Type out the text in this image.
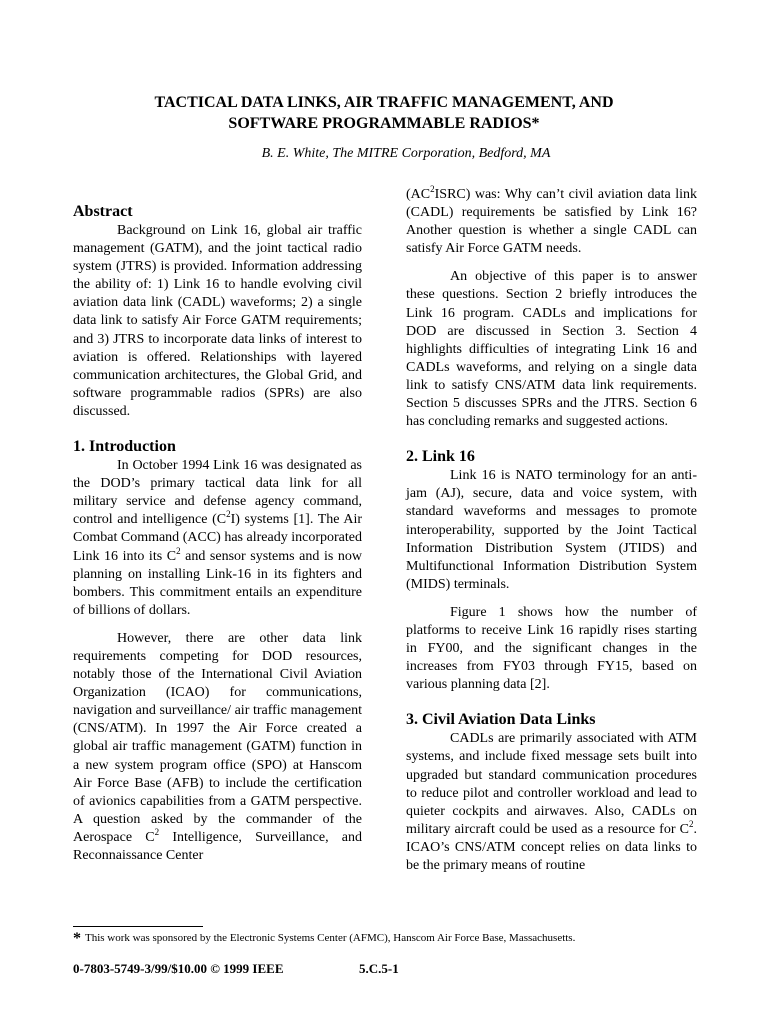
TACTICAL DATA LINKS, AIR TRAFFIC MANAGEMENT, AND
SOFTWARE PROGRAMMABLE RADIOS*
B. E. White, The MITRE Corporation, Bedford, MA
Abstract

Background on Link 16, global air traffic management (GATM), and the joint tactical radio system (JTRS) is provided. Information addressing the ability of: 1) Link 16 to handle evolving civil aviation data link (CADL) waveforms; 2) a single data link to satisfy Air Force GATM requirements; and 3) JTRS to incorporate data links of interest to aviation is offered. Relationships with layered communication architectures, the Global Grid, and software programmable radios (SPRs) are also discussed.

1. Introduction

In October 1994 Link 16 was designated as the DOD’s primary tactical data link for all military service and defense agency command, control and intelligence $(C^2I)$ systems [1]. The Air Combat Command (ACC) has already incorporated Link 16 into its $C^2$ and sensor systems and is now planning on installing Link-16 in its fighters and bombers. This commitment entails an expenditure of billions of dollars.

However, there are other data link requirements competing for DOD resources, notably those of the International Civil Aviation Organization (ICAO) for communications, navigation and surveillance/ air traffic management (CNS/ATM). In 1997 the Air Force created a global air traffic management (GATM) function in a new system program office (SPO) at Hanscom Air Force Base (AFB) to include the certification of avionics capabilities from a GATM perspective. A question asked by the commander of the Aerospace $C^2$ Intelligence, Surveillance, and Reconnaissance Center

$(AC^2ISRC)$ was: Why can’t civil aviation data link (CADL) requirements be satisfied by Link 16? Another question is whether a single CADL can satisfy Air Force GATM needs.

An objective of this paper is to answer these questions. Section 2 briefly introduces the Link 16 program. CADLs and implications for DOD are discussed in Section 3. Section 4 highlights difficulties of integrating Link 16 and CADLs waveforms, and relying on a single data link to satisfy CNS/ATM data link requirements. Section 5 discusses SPRs and the JTRS. Section 6 has concluding remarks and suggested actions.

2. Link 16

Link 16 is NATO terminology for an anti-jam (AJ), secure, data and voice system, with standard waveforms and messages to promote interoperability, supported by the Joint Tactical Information Distribution System (JTIDS) and Multifunctional Information Distribution System (MIDS) terminals.

Figure 1 shows how the number of platforms to receive Link 16 rapidly rises starting in FY00, and the significant changes in the increases from FY03 through FY15, based on various planning data [2].

3. Civil Aviation Data Links

CADLs are primarily associated with ATM systems, and include fixed message sets built into upgraded but standard communication procedures to reduce pilot and controller workload and lead to quieter cockpits and airwaves. Also, CADLs on military aircraft could be used as a resource for $C^2$. ICAO’s CNS/ATM concept relies on data links to be the primary means of routine

* This work was sponsored by the Electronic Systems Center (AFMC), Hanscom Air Force Base, Massachusetts.
0-7803-5749-3/99/$10.00 © 1999 IEEE	5.C.5-1
